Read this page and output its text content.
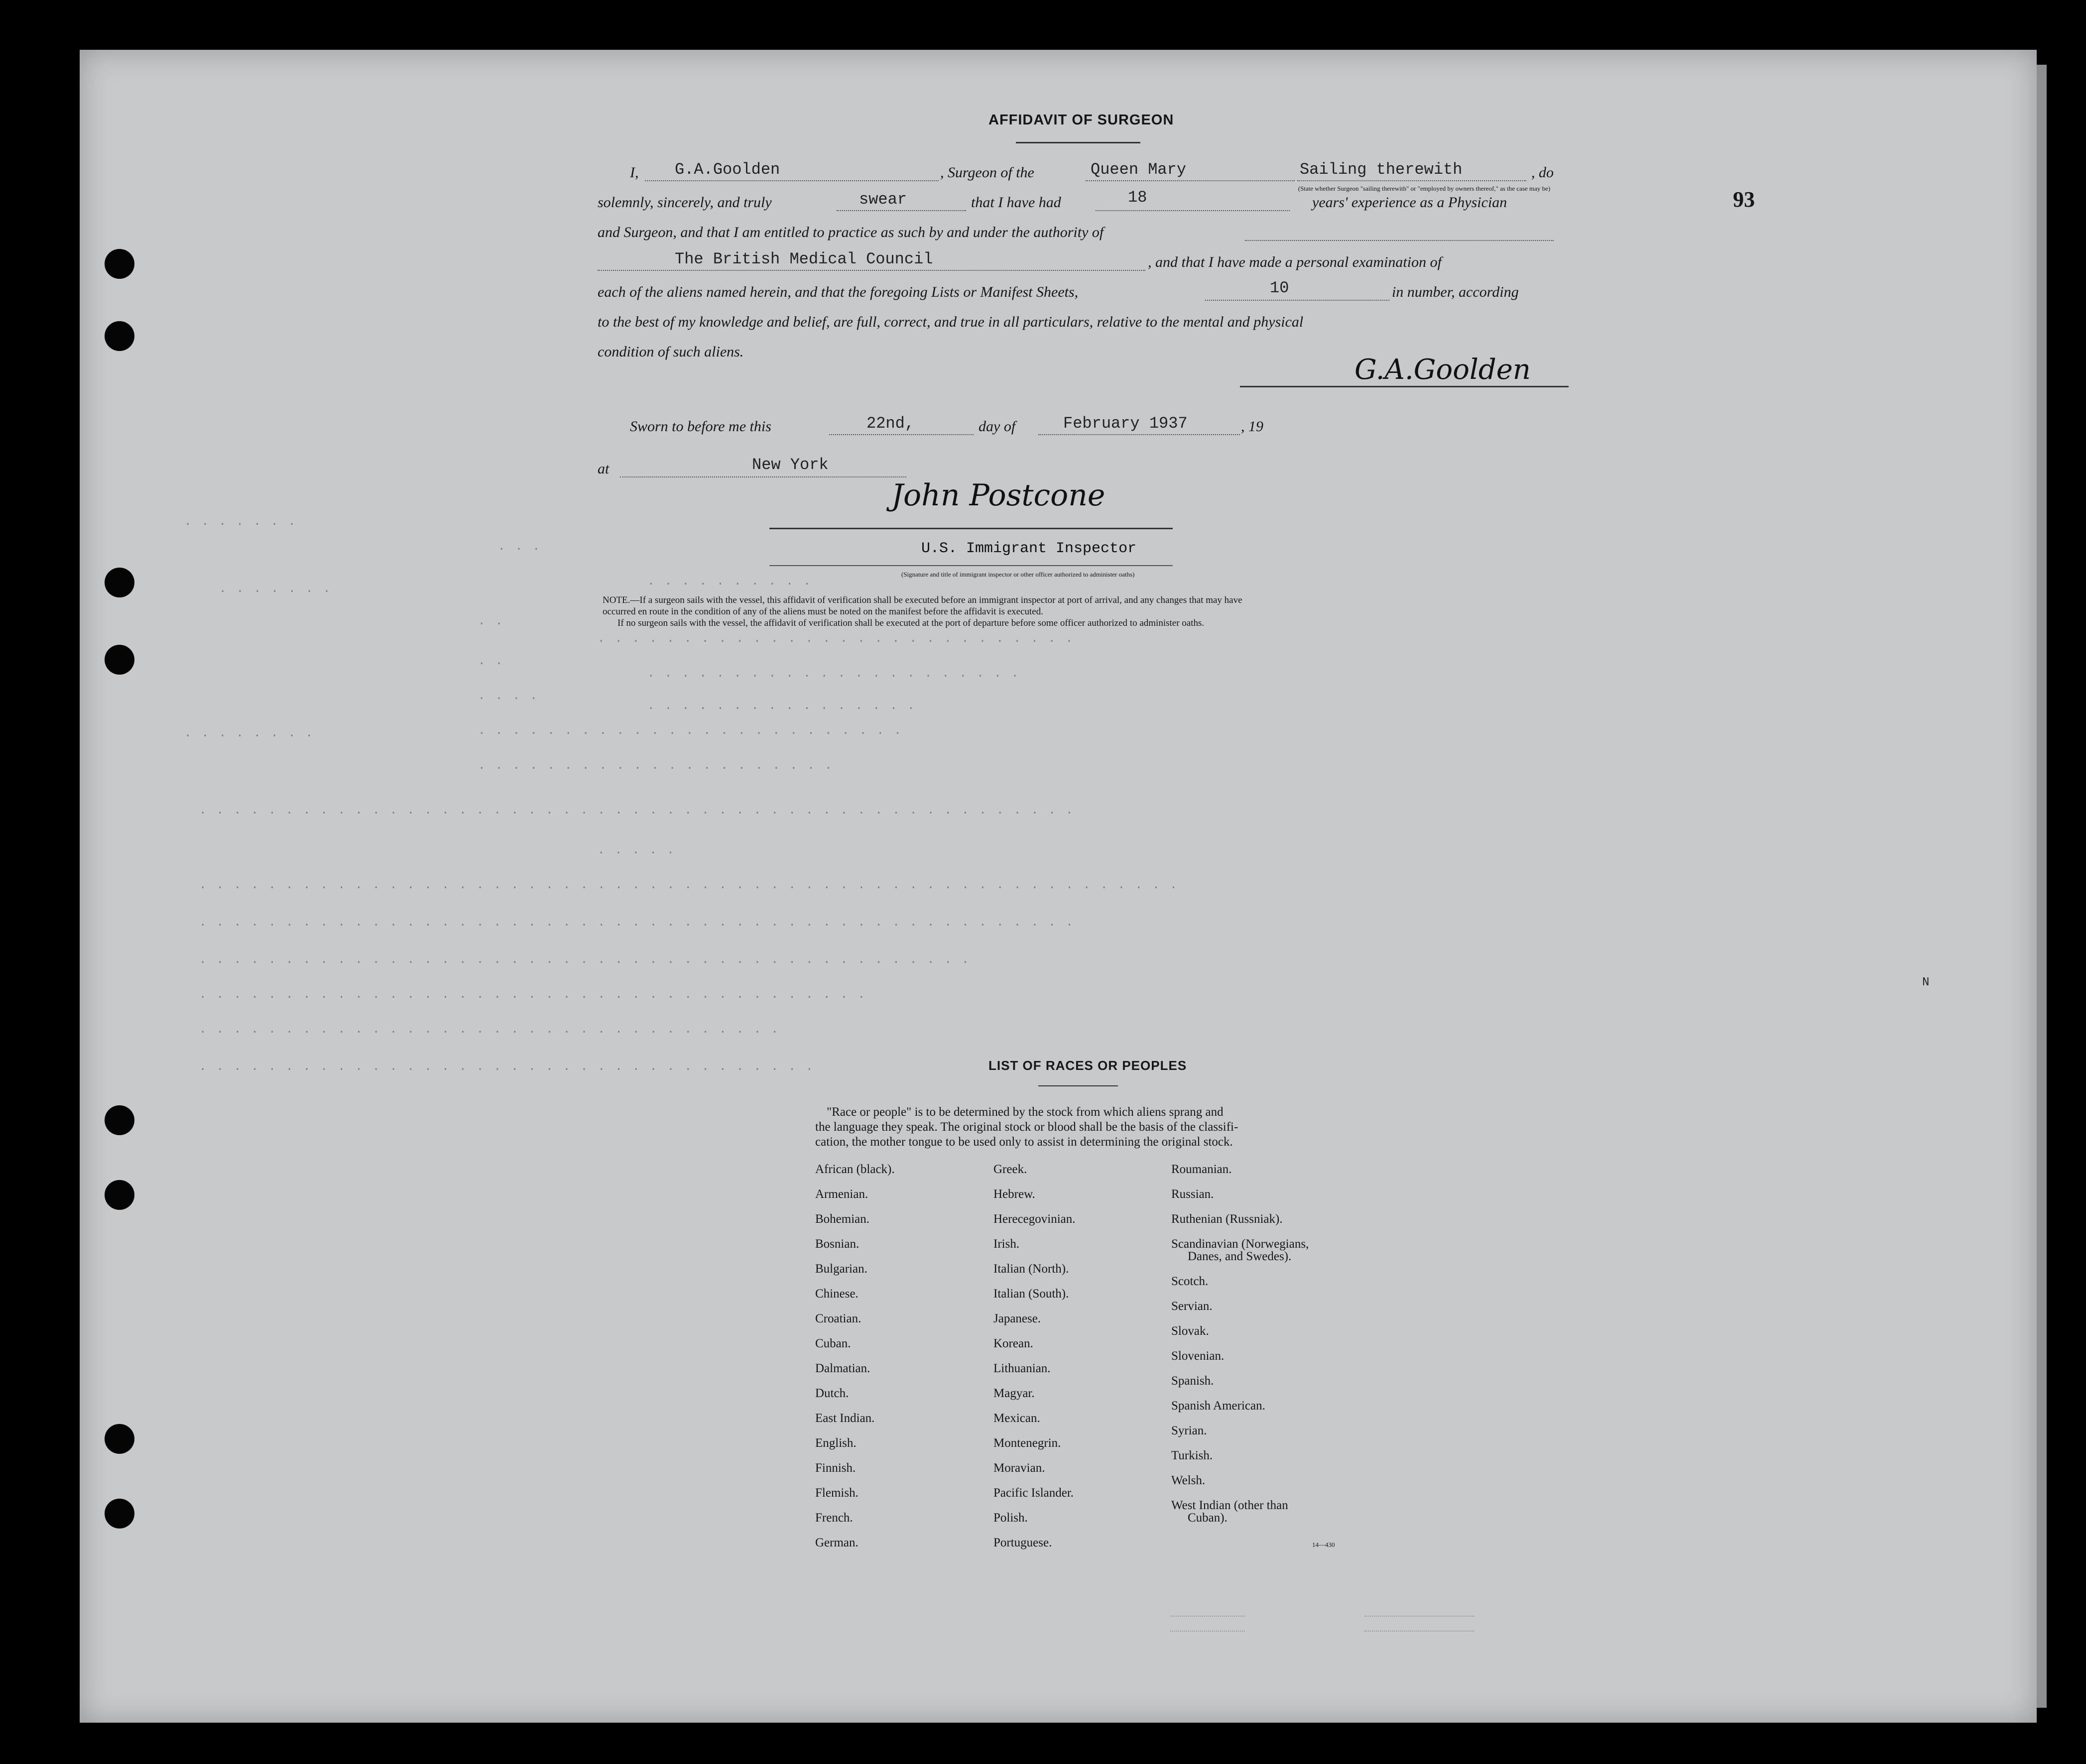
· · · · · · ·
· · ·
· · · · · · · · · ·
· · · · · · ·
· ·
· · · · · · · · · · · · · · · · · · · · · · · · · · · ·
· ·
· · · · · · · · · · · · · · · · · · · · · ·
· · · ·
· · · · · · · · · · · · · · · ·
· · · · · · · ·	· · · · · · · · · · · · · · · · · · · · · · · · ·
· · · · · · · · · · · · · · · · · · · · ·
· · · · · · · · · · · · · · · · · · · · · · · · · · · · · · · · · · · · · · · · · · · · · · · · · · ·
· · · · ·
· · · · · · · · · · · · · · · · · · · · · · · · · · · · · · · · · · · · · · · · · · · · · · · · · · · · · · · · ·
· · · · · · · · · · · · · · · · · · · · · · · · · · · · · · · · · · · · · · · · · · · · · · · · · · ·
· · · · · · · · · · · · · · · · · · · · · · · · · · · · · · · · · · · · · · · · · · · · ·
· · · · · · · · · · · · · · · · · · · · · · · · · · · · · · · · · · · · · · ·
· · · · · · · · · · · · · · · · · · · · · · · · · · · · · · · · · ·
· · · · · · · · · · · · · · · · · · · · · · · · · · · · · · · · · · · ·
N
93
AFFIDAVIT OF SURGEON
I, G.A.Goolden	, Surgeon of the	Queen Mary	Sailing therewith	, do
(State whether Surgeon "sailing therewith" or "employed by owners thereof," as the case may be)
solemnly, sincerely, and truly	swear	that I have had	18	years' experience as a Physician
and Surgeon, and that I am entitled to practice as such by and under the authority of
The British Medical Council	, and that I have made a personal examination of
each of the aliens named herein, and that the foregoing Lists or Manifest Sheets,	10	in number, according
to the best of my knowledge and belief, are full, correct, and true in all particulars, relative to the mental and physical
condition of such aliens.
G.A.Goolden
Sworn to before me this	22nd,	day of	February 1937	, 19
at	New York
John Postcone
U.S. Immigrant Inspector
(Signature and title of immigrant inspector or other officer authorized to administer oaths)
NOTE.—If a surgeon sails with the vessel, this affidavit of verification shall be executed before an immigrant inspector at port of arrival, and any changes that may have
occurred en route in the condition of any of the aliens must be noted on the manifest before the affidavit is executed.
If no surgeon sails with the vessel, the affidavit of verification shall be executed at the port of departure before some officer authorized to administer oaths.
LIST OF RACES OR PEOPLES
"Race or people" is to be determined by the stock from which aliens sprang and
the language they speak. The original stock or blood shall be the basis of the classifi-
cation, the mother tongue to be used only to assist in determining the original stock.
African (black).
Armenian.
Bohemian.
Bosnian.
Bulgarian.
Chinese.
Croatian.
Cuban.
Dalmatian.
Dutch.
East Indian.
English.
Finnish.
Flemish.
French.
German.
Greek.
Hebrew.
Herecegovinian.
Irish.
Italian (North).
Italian (South).
Japanese.
Korean.
Lithuanian.
Magyar.
Mexican.
Montenegrin.
Moravian.
Pacific Islander.
Polish.
Portuguese.
Roumanian.
Russian.
Ruthenian (Russniak).
Scandinavian (Norwegians,
Danes, and Swedes).
Scotch.
Servian.
Slovak.
Slovenian.
Spanish.
Spanish American.
Syrian.
Turkish.
Welsh.
West Indian (other than
Cuban).
14—430
